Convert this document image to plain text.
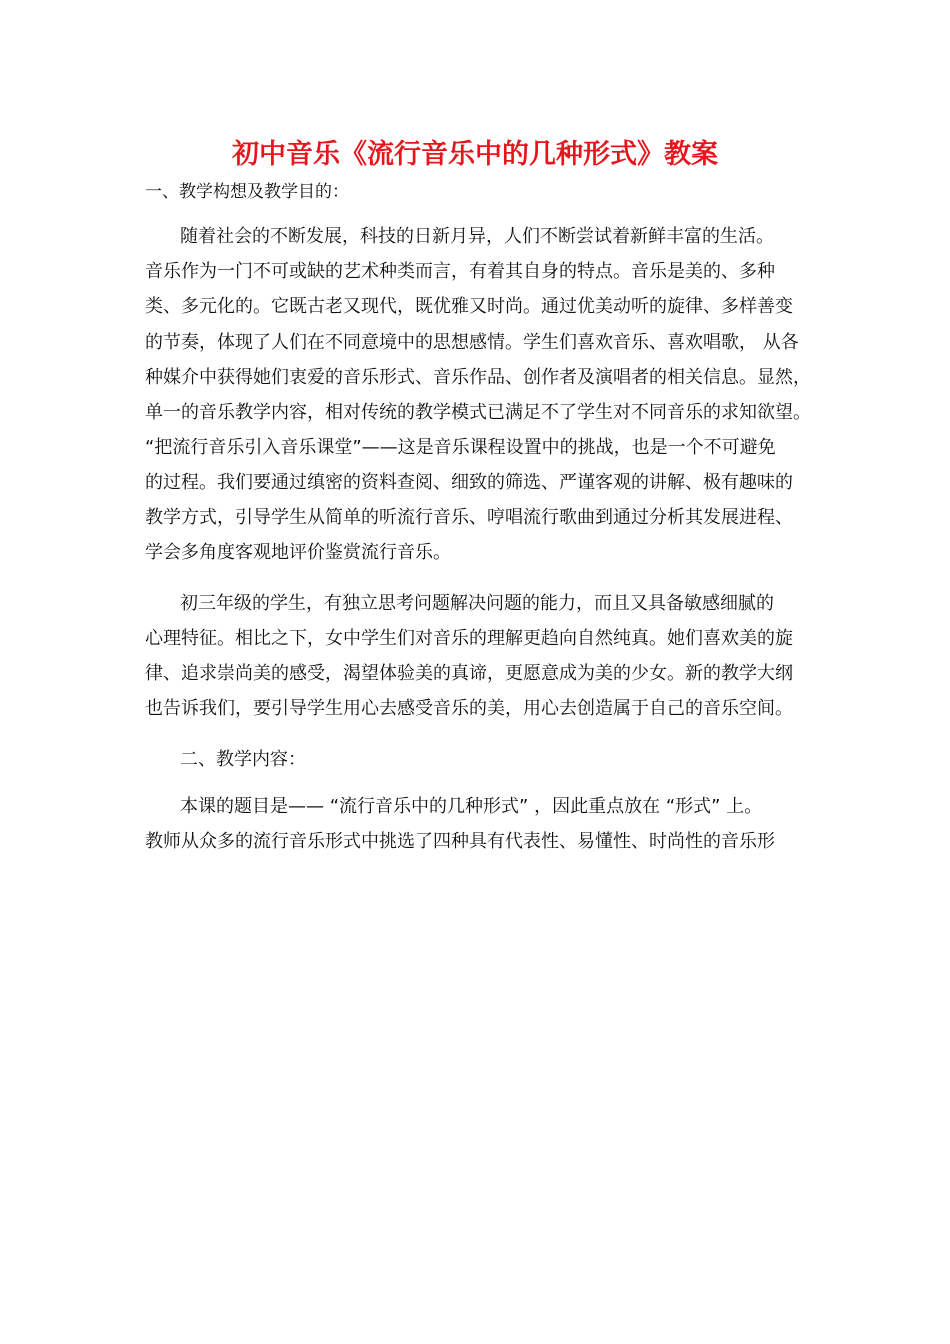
初中音乐《流行音乐中的几种形式》教案
一、教学构想及教学目的：
随着社会的不断发展，科技的日新月异，人们不断尝试着新鲜丰富的生活。
音乐作为一门不可或缺的艺术种类而言，有着其自身的特点。音乐是美的、多种
类、多元化的。它既古老又现代，既优雅又时尚。通过优美动听的旋律、多样善变
的节奏，体现了人们在不同意境中的思想感情。学生们喜欢音乐、喜欢唱歌， 从各
种媒介中获得她们衷爱的音乐形式、音乐作品、创作者及演唱者的相关信息。显然，
单一的音乐教学内容，相对传统的教学模式已满足不了学生对不同音乐的求知欲望。
“把流行音乐引入音乐课堂”——这是音乐课程设置中的挑战，也是一个不可避免
的过程。我们要通过缜密的资料查阅、细致的筛选、严谨客观的讲解、极有趣味的
教学方式，引导学生从简单的听流行音乐、哼唱流行歌曲到通过分析其发展进程、
学会多角度客观地评价鉴赏流行音乐。
初三年级的学生，有独立思考问题解决问题的能力，而且又具备敏感细腻的
心理特征。相比之下，女中学生们对音乐的理解更趋向自然纯真。她们喜欢美的旋
律、追求崇尚美的感受，渴望体验美的真谛，更愿意成为美的少女。新的教学大纲
也告诉我们，要引导学生用心去感受音乐的美，用心去创造属于自己的音乐空间。
二、教学内容：
本课的题目是—— “流行音乐中的几种形式” ，因此重点放在 “形式” 上。
教师从众多的流行音乐形式中挑选了四种具有代表性、易懂性、时尚性的音乐形
